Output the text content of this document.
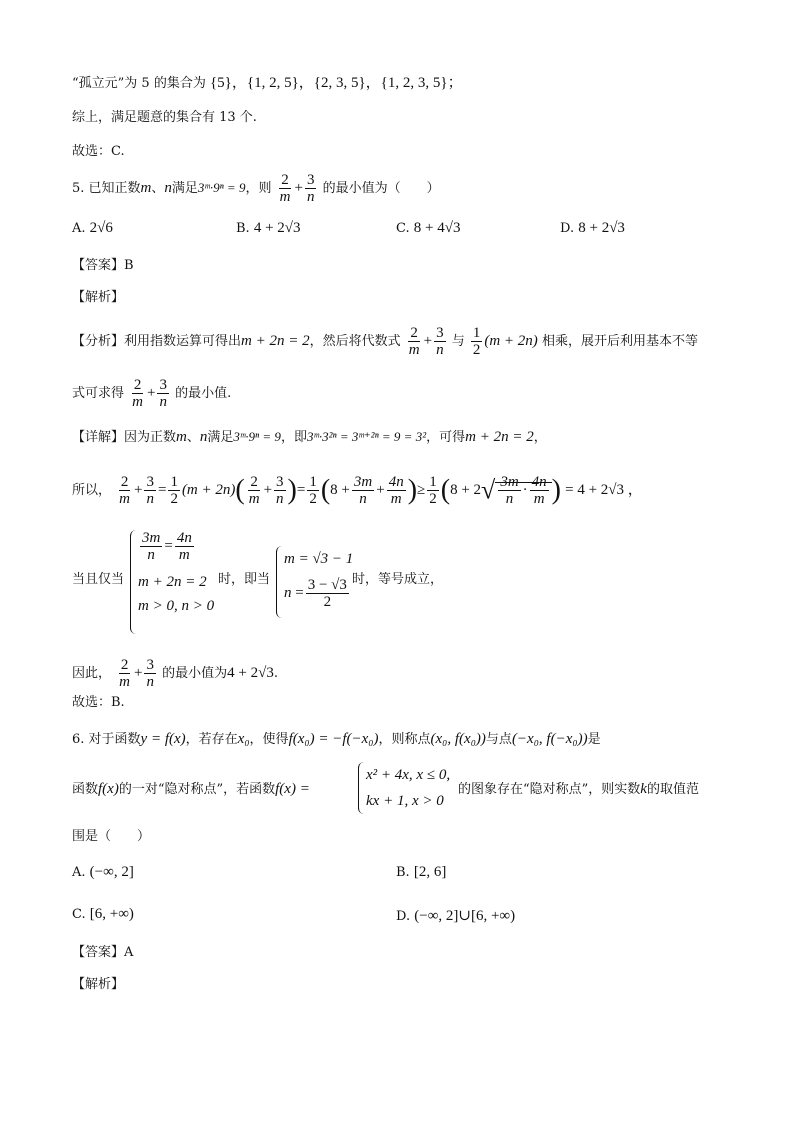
“孤立元”为 5 的集合为 {5}，{1, 2, 5}，{2, 3, 5}，{1, 2, 3, 5}；
综上，满足题意的集合有 13 个.
故选：C.
5. 已知正数m、n满足3ᵐ·9ⁿ = 9，则 $\frac{2}{m} + \frac{3}{n}$ 的最小值为（　　）
A. 2√6	B. 4 + 2√3	C. 8 + 4√3	D. 8 + 2√3
【答案】B
【解析】
【分析】利用指数运算可得出m + 2n = 2，然后将代数式 $\frac{2}{m} + \frac{3}{n}$ 与 $\frac{1}{2} (m + 2n)$ 相乘，展开后利用基本不等
式可求得 $\frac{2}{m} + \frac{3}{n}$ 的最小值.
【详解】因为正数m、n满足3ᵐ·9ⁿ = 9，即3ᵐ·3²ⁿ = 3ᵐ⁺²ⁿ = 9 = 3²，可得m + 2n = 2，
所以， $\frac{2}{m} + \frac{3}{n} = \frac{1}{2} (m + 2n)( \frac{2}{m} + \frac{3}{n}$ )= $\frac{1}{2} (8 + \frac{3m}{n} + \frac{4n}{m}$ )≥ $\frac{1}{2} (8 + 2√ \frac{3m}{n} \cdot \frac{4n}{m}$ ) = 4 + 2√3 ，
当且仅当
$\frac{3m}{n} = \frac{4n}{m}$
m + 2n = 2
m > 0, n > 0
时，即当
m = √3 − 1
$n = \frac{3 - √3}{2}$ 时，等号成立，
因此， $\frac{2}{m} + \frac{3}{n}$ 的最小值为4 + 2√3.
故选：B.
6. 对于函数y = f(x)，若存在x₀，使得f(x₀) = −f(−x₀)，则称点(x₀, f(x₀))与点(−x₀, f(−x₀))是
函数f(x)的一对“隐对称点”，若函数f(x) =
x² + 4x, x ≤ 0,
kx + 1, x > 0
的图象存在“隐对称点”，则实数k的取值范
围是（　　）
A. (−∞, 2]	B. [2, 6]
C. [6, +∞)	D. (−∞, 2]∪[6, +∞)
【答案】A
【解析】
